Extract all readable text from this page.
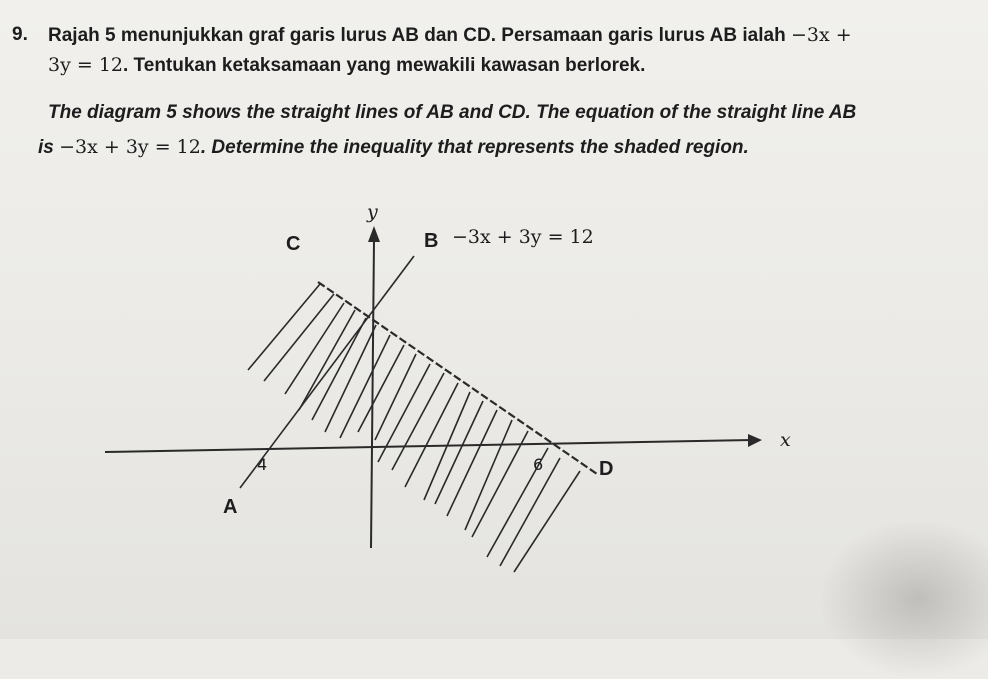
9. Rajah 5 menunjukkan graf garis lurus AB dan CD. Persamaan garis lurus AB ialah −3x +
3y = 12. Tentukan ketaksamaan yang mewakili kawasan berlorek.
The diagram 5 shows the straight lines of AB and CD. The equation of the straight line AB
is −3x + 3y = 12. Determine the inequality that represents the shaded region.
y
x
C	B −3x + 3y = 12
A
D
4	6
